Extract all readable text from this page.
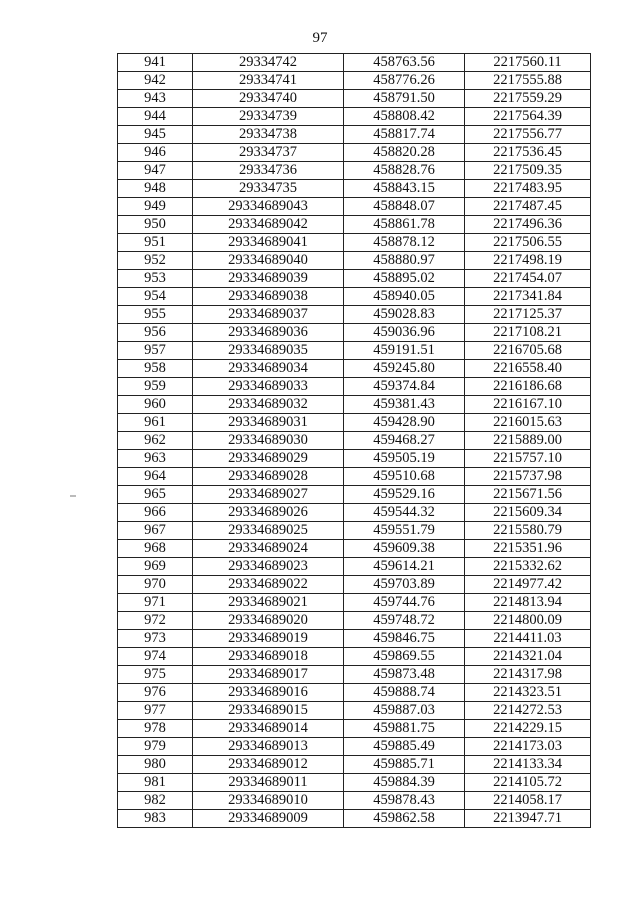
97
941	29334742	458763.56	2217560.11
942	29334741	458776.26	2217555.88
943	29334740	458791.50	2217559.29
944	29334739	458808.42	2217564.39
945	29334738	458817.74	2217556.77
946	29334737	458820.28	2217536.45
947	29334736	458828.76	2217509.35
948	29334735	458843.15	2217483.95
949	29334689043	458848.07	2217487.45
950	29334689042	458861.78	2217496.36
951	29334689041	458878.12	2217506.55
952	29334689040	458880.97	2217498.19
953	29334689039	458895.02	2217454.07
954	29334689038	458940.05	2217341.84
955	29334689037	459028.83	2217125.37
956	29334689036	459036.96	2217108.21
957	29334689035	459191.51	2216705.68
958	29334689034	459245.80	2216558.40
959	29334689033	459374.84	2216186.68
960	29334689032	459381.43	2216167.10
961	29334689031	459428.90	2216015.63
962	29334689030	459468.27	2215889.00
963	29334689029	459505.19	2215757.10
964	29334689028	459510.68	2215737.98
965	29334689027	459529.16	2215671.56
966	29334689026	459544.32	2215609.34
967	29334689025	459551.79	2215580.79
968	29334689024	459609.38	2215351.96
969	29334689023	459614.21	2215332.62
970	29334689022	459703.89	2214977.42
971	29334689021	459744.76	2214813.94
972	29334689020	459748.72	2214800.09
973	29334689019	459846.75	2214411.03
974	29334689018	459869.55	2214321.04
975	29334689017	459873.48	2214317.98
976	29334689016	459888.74	2214323.51
977	29334689015	459887.03	2214272.53
978	29334689014	459881.75	2214229.15
979	29334689013	459885.49	2214173.03
980	29334689012	459885.71	2214133.34
981	29334689011	459884.39	2214105.72
982	29334689010	459878.43	2214058.17
983	29334689009	459862.58	2213947.71
